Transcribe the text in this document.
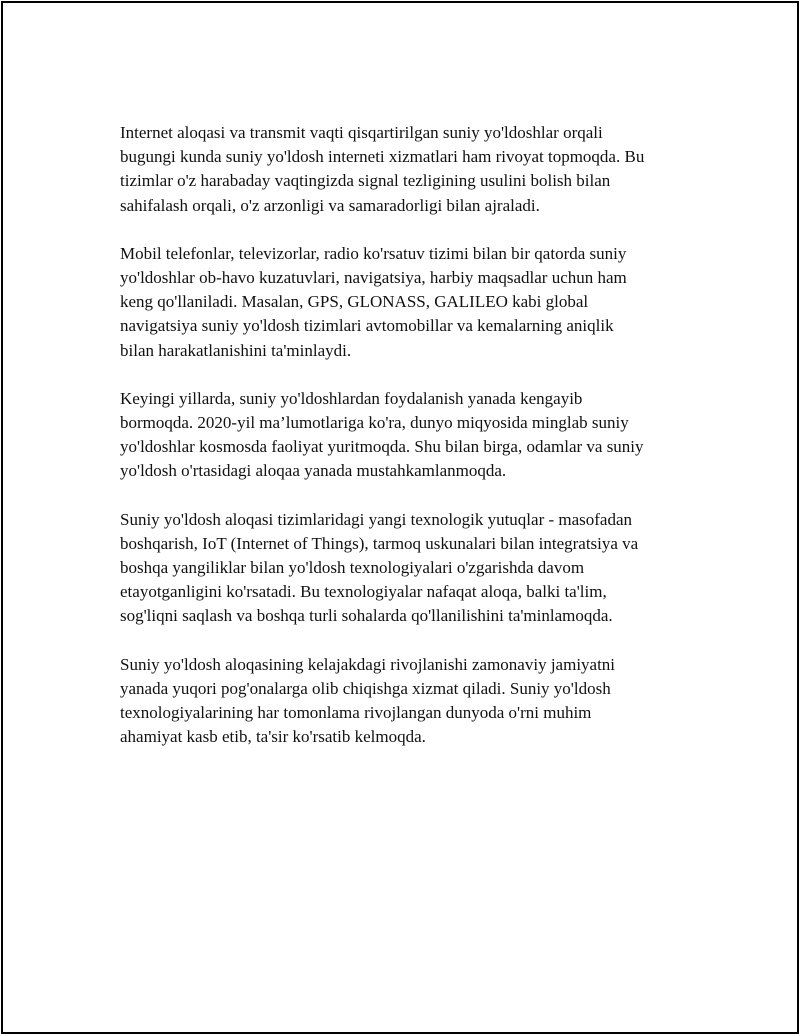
Internet aloqasi va transmit vaqti qisqartirilgan suniy yo'ldoshlar orqali
bugungi kunda suniy yo'ldosh interneti xizmatlari ham rivoyat topmoqda. Bu
tizimlar o'z harabaday vaqtingizda signal tezligining usulini bolish bilan
sahifalash orqali, o'z arzonligi va samaradorligi bilan ajraladi.

Mobil telefonlar, televizorlar, radio ko'rsatuv tizimi bilan bir qatorda suniy
yo'ldoshlar ob-havo kuzatuvlari, navigatsiya, harbiy maqsadlar uchun ham
keng qo'llaniladi. Masalan, GPS, GLONASS, GALILEO kabi global
navigatsiya suniy yo'ldosh tizimlari avtomobillar va kemalarning aniqlik
bilan harakatlanishini ta'minlaydi.

Keyingi yillarda, suniy yo'ldoshlardan foydalanish yanada kengayib
bormoqda. 2020-yil ma’lumotlariga ko'ra, dunyo miqyosida minglab suniy
yo'ldoshlar kosmosda faoliyat yuritmoqda. Shu bilan birga, odamlar va suniy
yo'ldosh o'rtasidagi aloqaa yanada mustahkamlanmoqda.

Suniy yo'ldosh aloqasi tizimlaridagi yangi texnologik yutuqlar - masofadan
boshqarish, IoT (Internet of Things), tarmoq uskunalari bilan integratsiya va
boshqa yangiliklar bilan yo'ldosh texnologiyalari o'zgarishda davom
etayotganligini ko'rsatadi. Bu texnologiyalar nafaqat aloqa, balki ta'lim,
sog'liqni saqlash va boshqa turli sohalarda qo'llanilishini ta'minlamoqda.

Suniy yo'ldosh aloqasining kelajakdagi rivojlanishi zamonaviy jamiyatni
yanada yuqori pog'onalarga olib chiqishga xizmat qiladi. Suniy yo'ldosh
texnologiyalarining har tomonlama rivojlangan dunyoda o'rni muhim
ahamiyat kasb etib, ta'sir ko'rsatib kelmoqda.
